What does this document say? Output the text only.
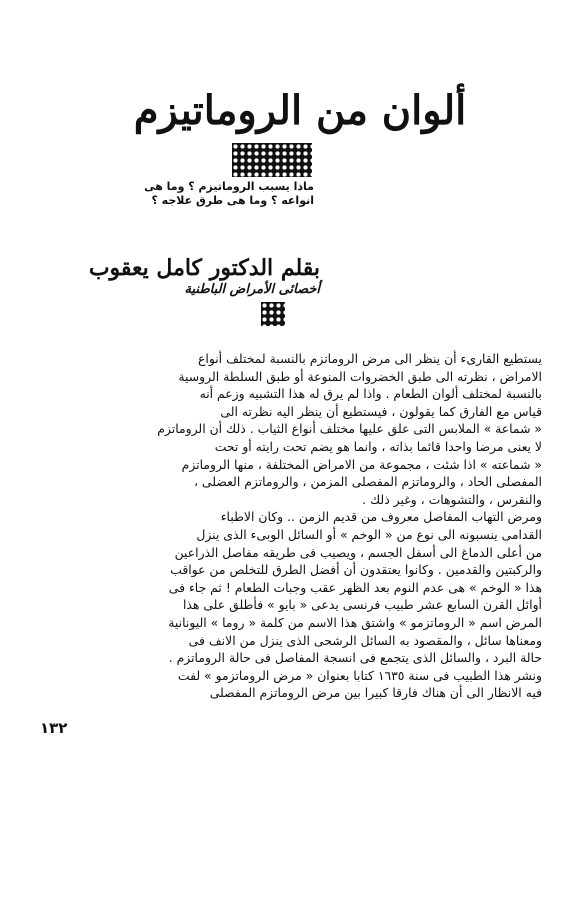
ألوان من الروماتيزم
ماذا يسبب الروماتيزم ؟ وما هى
انواعه ؟ وما هى طرق علاجه ؟
بقلم الدكتور كامل يعقوب
أخصائى الأمراض الباطنية
يستطيع القارىء أن ينظر الى مرض الروماتزم بالنسبة لمختلف أنواع
الامراض ، نظرته الى طبق الخضروات المنوعة أو طبق السلطة الروسية
بالنسبة لمختلف ألوان الطعام . واذا لم يرق له هذا التشبيه وزعم أنه
قياس مع الفارق كما يقولون ، فيستطيع أن ينظر اليه نظرته الى
« شماعة » الملابس التى علق عليها مختلف أنواع الثياب . ذلك أن الروماتزم
لا يعنى مرضا واحدا قائما بذاته ، وانما هو يضم تحت رايته أو تحت
« شماعته » اذا شئت ، مجموعة من الامراض المختلفة ، منها الروماتزم
المفصلى الحاد ، والروماتزم المفصلى المزمن ، والروماتزم العضلى ،
والنقرس ، والتشوهات ، وغير ذلك .
ومرض التهاب المفاصل معروف من قديم الزمن .. وكان الاطباء
القدامى ينسبونه الى نوع من « الوخم » أو السائل الوبىء الذى ينزل
من أعلى الدماغ الى أسفل الجسم ، ويصيب فى طريقه مفاصل الذراعين
والركبتين والقدمين . وكانوا يعتقدون أن أفضل الطرق للتخلص من عواقب
هذا « الوخم » هى عدم النوم بعد الظهر عقب وجبات الطعام ! ثم جاء فى
أوائل القرن السابع عشر طبيب فرنسى يدعى « بايو » فأطلق على هذا
المرض اسم « الروماتزمو » واشتق هذا الاسم من كلمة « روما » اليونانية
ومعناها سائل ، والمقصود به السائل الرشحى الذى ينزل من الانف فى
حالة البرد ، والسائل الذى يتجمع فى انسجة المفاصل فى حالة الروماتزم .
ونشر هذا الطبيب فى سنة ١٦٣٥ كتابا بعنوان « مرض الروماتزمو » لفت
فيه الانظار الى أن هناك فارقا كبيرا بين مرض الروماتزم المفصلى
١٣٢
